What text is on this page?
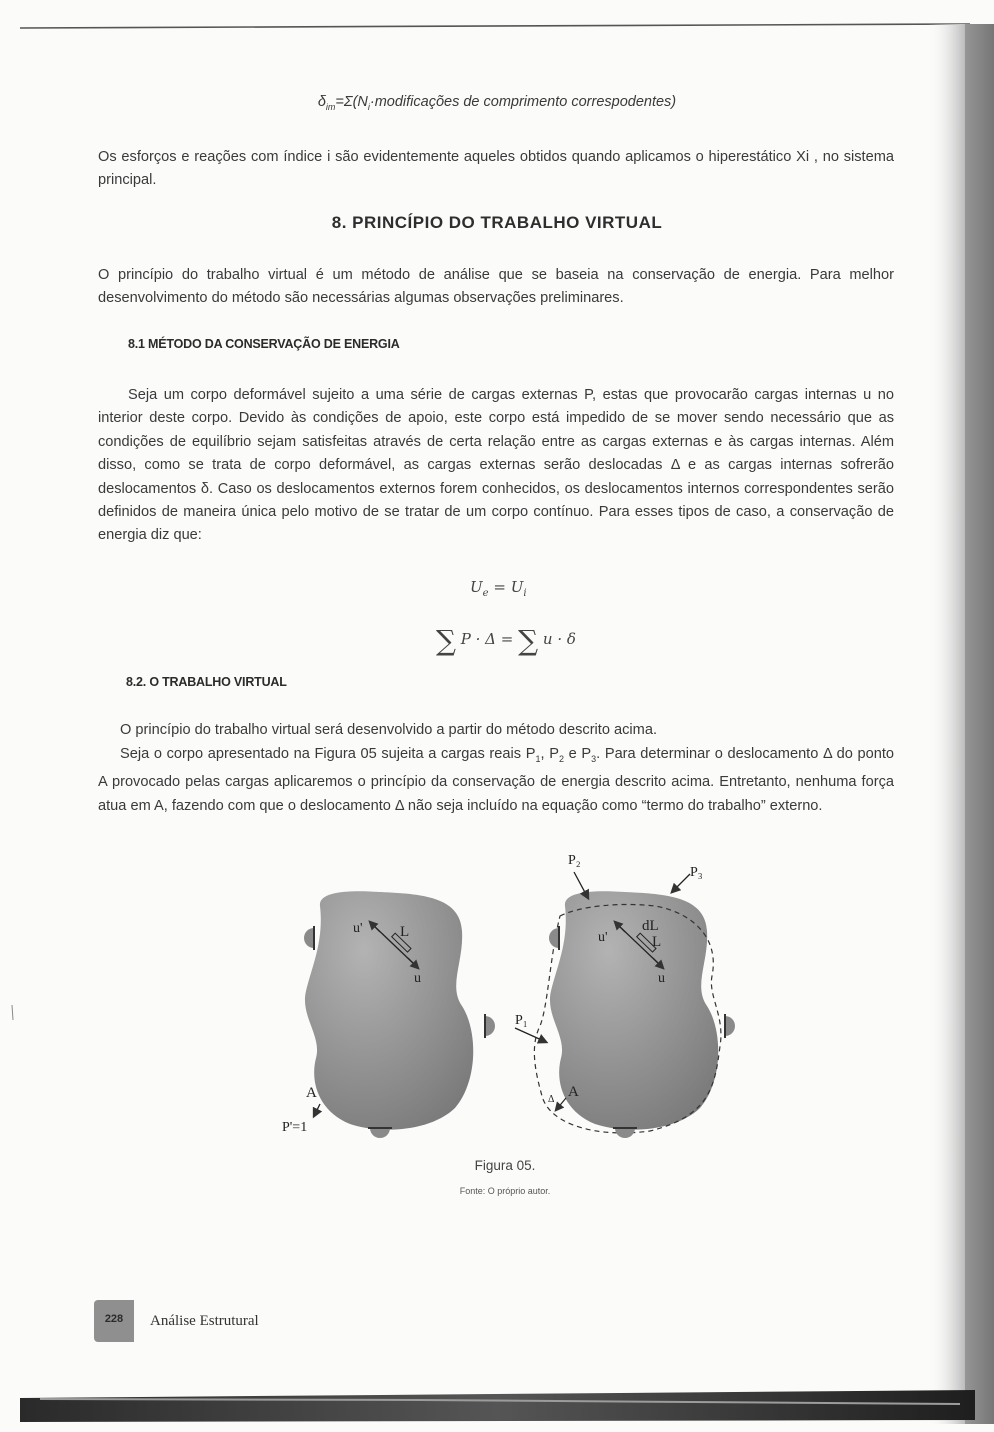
$\delta_{im}=\Sigma(N_i\cdot modificações$ de comprimento correspodentes)
Os esforços e reações com índice i são evidentemente aqueles obtidos quando aplicamos o hiperestático Xi , no sistema principal.
8. PRINCÍPIO DO TRABALHO VIRTUAL
O princípio do trabalho virtual é um método de análise que se baseia na conservação de energia. Para melhor desenvolvimento do método são necessárias algumas observações preliminares.
8.1 MÉTODO DA CONSERVAÇÃO DE ENERGIA
Seja um corpo deformável sujeito a uma série de cargas externas P, estas que provocarão cargas internas u no interior deste corpo. Devido às condições de apoio, este corpo está impedido de se mover sendo necessário que as condições de equilíbrio sejam satisfeitas através de certa relação entre as cargas externas e às cargas internas. Além disso, como se trata de corpo deformável, as cargas externas serão deslocadas Δ e as cargas internas sofrerão deslocamentos δ. Caso os deslocamentos externos forem conhecidos, os deslocamentos internos correspondentes serão definidos de maneira única pelo motivo de se tratar de um corpo contínuo. Para esses tipos de caso, a conservação de energia diz que:
$U_e = U_i$
∑ P · Δ = ∑ u · δ
8.2. O TRABALHO VIRTUAL
O princípio do trabalho virtual será desenvolvido a partir do método descrito acima.
Seja o corpo apresentado na Figura 05 sujeita a cargas reais $P_1$, $P_2$ e $P_3$. Para determinar o deslocamento Δ do ponto A provocado pelas cargas aplicaremos o princípio da conservação de energia descrito acima. Entretanto, nenhuma força atua em A, fazendo com que o deslocamento Δ não seja incluído na equação como “termo do trabalho” externo.
u' L
u
A
P'=1
u'
dL
L
u
P₂
P₃
P₁
A
Δ
Figura 05.
Fonte: O próprio autor.
228	Análise Estrutural
